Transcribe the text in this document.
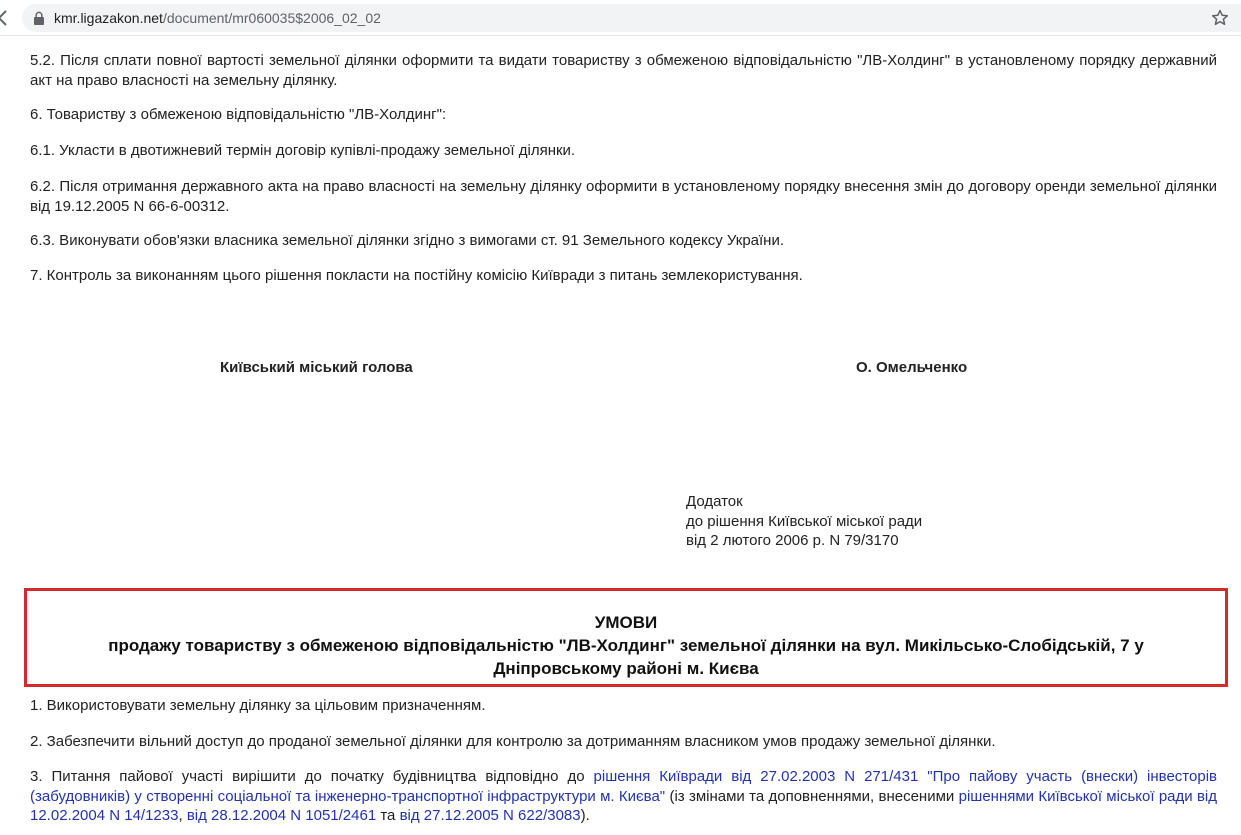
kmr.ligazakon.net/document/mr060035$2006_02_02

5.2. Після сплати повної вартості земельної ділянки оформити та видати товариству з обмеженою відповідальністю "ЛВ-Холдинг" в установленому порядку державний акт на право власності на земельну ділянку.

6. Товариству з обмеженою відповідальністю "ЛВ-Холдинг":

6.1. Укласти в двотижневий термін договір купівлі-продажу земельної ділянки.

6.2. Після отримання державного акта на право власності на земельну ділянку оформити в установленому порядку внесення змін до договору оренди земельної ділянки від 19.12.2005 N 66-6-00312.

6.3. Виконувати обов'язки власника земельної ділянки згідно з вимогами ст. 91 Земельного кодексу України.

7. Контроль за виконанням цього рішення покласти на постійну комісію Київради з питань землекористування.

Київський міський голова	О. Омельченко
Додаток
до рішення Київської міської ради
від 2 лютого 2006 р. N 79/3170
УМОВИ
продажу товариству з обмеженою відповідальністю "ЛВ-Холдинг" земельної ділянки на вул. Микільсько-Слобідській, 7 у
Дніпровському районі м. Києва

1. Використовувати земельну ділянку за цільовим призначенням.

2. Забезпечити вільний доступ до проданої земельної ділянки для контролю за дотриманням власником умов продажу земельної ділянки.

3. Питання пайової участі вирішити до початку будівництва відповідно до рішення Київради від 27.02.2003 N 271/431 "Про пайову участь (внески) інвесторів (забудовників) у створенні соціальної та інженерно-транспортної інфраструктури м. Києва" (із змінами та доповненнями, внесеними рішеннями Київської міської ради від 12.02.2004 N 14/1233, від 28.12.2004 N 1051/2461 та від 27.12.2005 N 622/3083).
